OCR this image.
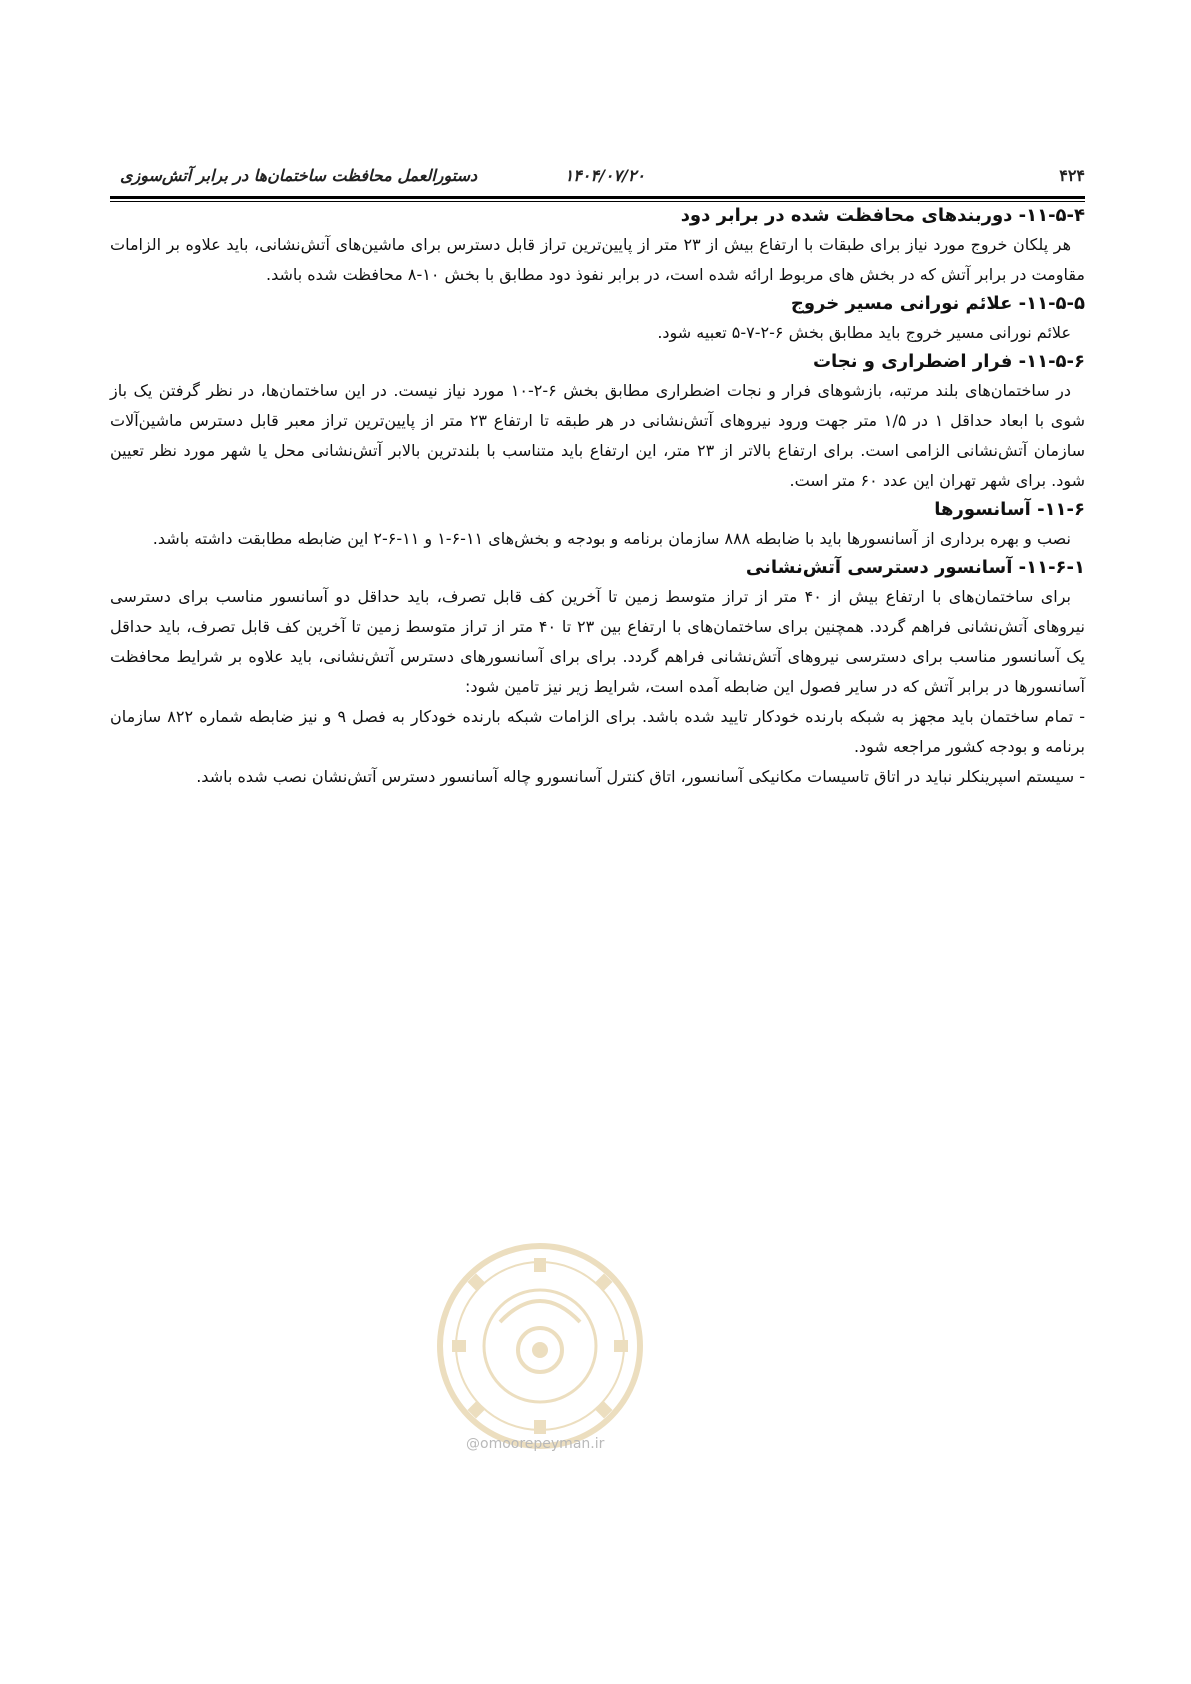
@omoorepeyman.ir
۴۲۴
۱۴۰۴/۰۷/۲۰
دستورالعمل محافظت ساختمان‌ها در برابر آتش‌سوزی
۱۱-۵-۴- دوربندهای محافظت شده در برابر دود

هر پلکان خروج مورد نیاز برای طبقات با ارتفاع بیش از ۲۳ متر از پایین‌ترین تراز قابل دسترس برای ماشین‌های آتش‌نشانی، باید علاوه بر الزامات مقاومت در برابر آتش که در بخش های مربوط ارائه شده است، در برابر نفوذ دود مطابق با بخش ۱۰-۸ محافظت شده باشد.

۱۱-۵-۵- علائم نورانی مسیر خروج

علائم نورانی مسیر خروج باید مطابق بخش ۶-۲-۷-۵ تعبیه شود.

۱۱-۵-۶- فرار اضطراری و نجات

در ساختمان‌های بلند مرتبه، بازشوهای فرار و نجات اضطراری مطابق بخش ۶-۲-۱۰ مورد نیاز نیست. در این ساختمان‌ها، در نظر گرفتن یک باز شوی با ابعاد حداقل ۱ در ۱/۵ متر جهت ورود نیروهای آتش‌نشانی در هر طبقه تا ارتفاع ۲۳ متر از پایین‌ترین تراز معبر قابل دسترس ماشین‌آلات سازمان آتش‌نشانی الزامی است. برای ارتفاع بالاتر از ۲۳ متر، این ارتفاع باید متناسب با بلندترین بالابر آتش‌نشانی محل یا شهر مورد نظر تعیین شود. برای شهر تهران این عدد ۶۰ متر است.

۱۱-۶- آسانسورها

نصب و بهره برداری از آسانسورها باید با ضابطه ۸۸۸ سازمان برنامه و بودجه و بخش‌های ۱۱-۶-۱ و ۱۱-۶-۲ این ضابطه مطابقت داشته باشد.

۱۱-۶-۱- آسانسور دسترسی آتش‌نشانی

برای ساختمان‌های با ارتفاع بیش از ۴۰ متر از تراز متوسط زمین تا آخرین کف قابل تصرف، باید حداقل دو آسانسور مناسب برای دسترسی نیروهای آتش‌نشانی فراهم گردد. همچنین برای ساختمان‌های با ارتفاع بین ۲۳ تا ۴۰ متر از تراز متوسط زمین تا آخرین کف قابل تصرف، باید حداقل یک آسانسور مناسب برای دسترسی نیروهای آتش‌نشانی فراهم گردد. برای برای آسانسورهای دسترس آتش‌نشانی، باید علاوه بر شرایط محافظت آسانسورها در برابر آتش که در سایر فصول این ضابطه آمده است، شرایط زیر نیز تامین شود:

- تمام ساختمان باید مجهز به شبکه بارنده خودکار تایید شده باشد. برای الزامات شبکه بارنده خودکار به فصل ۹ و نیز ضابطه شماره ۸۲۲ سازمان برنامه و بودجه کشور مراجعه شود.

- سیستم اسپرینکلر نباید در اتاق تاسیسات مکانیکی آسانسور، اتاق کنترل آسانسورو چاله آسانسور دسترس آتش‌نشان نصب شده باشد.
